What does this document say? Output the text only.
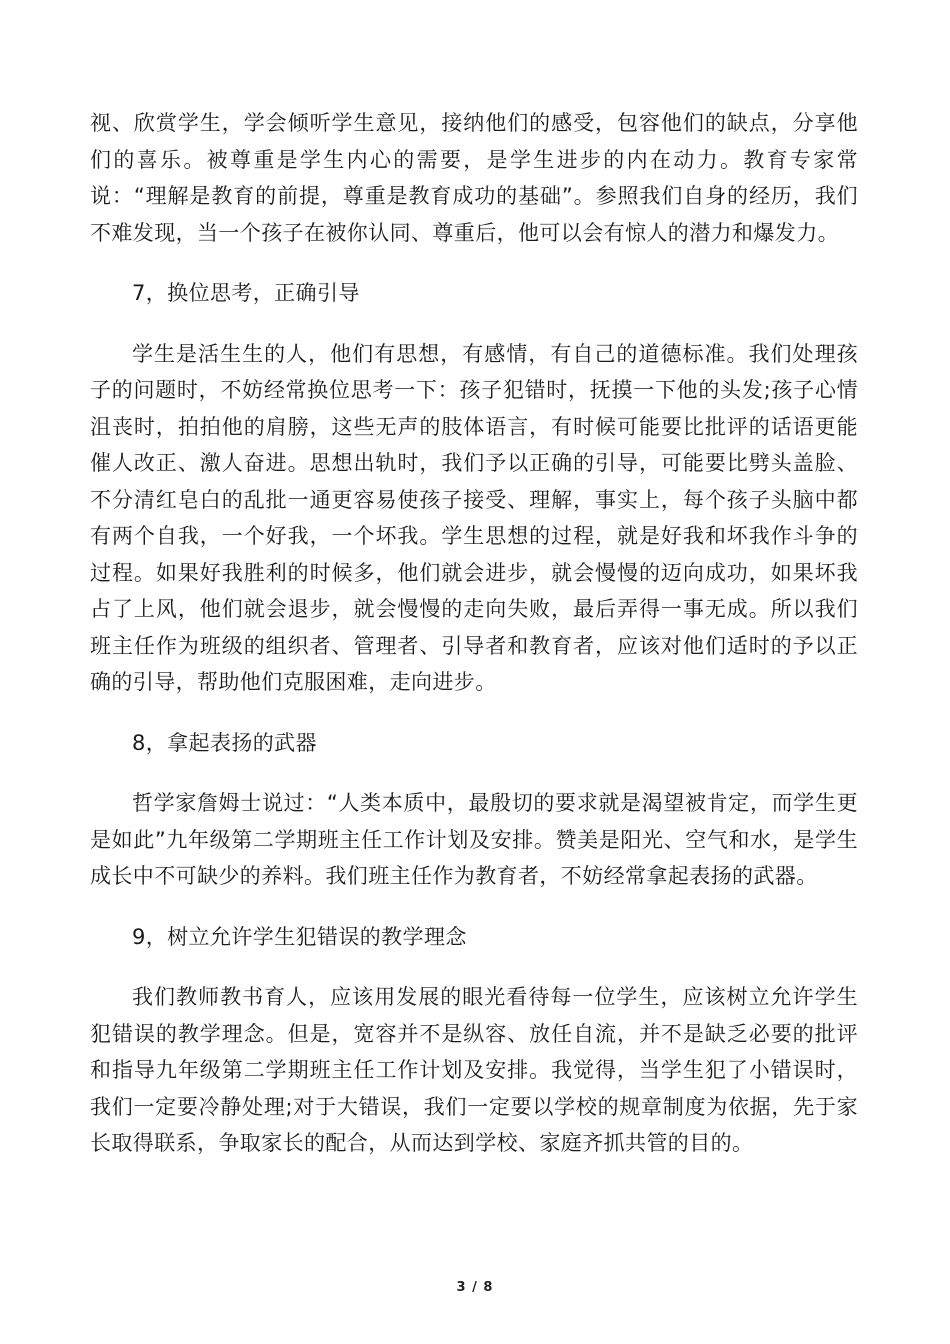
视、欣赏学生，学会倾听学生意见，接纳他们的感受，包容他们的缺点，分享他们的喜乐。被尊重是学生内心的需要，是学生进步的内在动力。教育专家常说：“理解是教育的前提，尊重是教育成功的基础”。参照我们自身的经历，我们不难发现，当一个孩子在被你认同、尊重后，他可以会有惊人的潜力和爆发力。

7，换位思考，正确引导

学生是活生生的人，他们有思想，有感情，有自己的道德标准。我们处理孩子的问题时，不妨经常换位思考一下：孩子犯错时，抚摸一下他的头发;孩子心情沮丧时，拍拍他的肩膀，这些无声的肢体语言，有时候可能要比批评的话语更能催人改正、激人奋进。思想出轨时，我们予以正确的引导，可能要比劈头盖脸、不分清红皂白的乱批一通更容易使孩子接受、理解，事实上，每个孩子头脑中都有两个自我，一个好我，一个坏我。学生思想的过程，就是好我和坏我作斗争的过程。如果好我胜利的时候多，他们就会进步，就会慢慢的迈向成功，如果坏我占了上风，他们就会退步，就会慢慢的走向失败，最后弄得一事无成。所以我们班主任作为班级的组织者、管理者、引导者和教育者，应该对他们适时的予以正确的引导，帮助他们克服困难，走向进步。

8，拿起表扬的武器

哲学家詹姆士说过：“人类本质中，最殷切的要求就是渴望被肯定，而学生更是如此”九年级第二学期班主任工作计划及安排。赞美是阳光、空气和水，是学生成长中不可缺少的养料。我们班主任作为教育者，不妨经常拿起表扬的武器。

9，树立允许学生犯错误的教学理念

我们教师教书育人，应该用发展的眼光看待每一位学生，应该树立允许学生犯错误的教学理念。但是，宽容并不是纵容、放任自流，并不是缺乏必要的批评和指导九年级第二学期班主任工作计划及安排。我觉得，当学生犯了小错误时，我们一定要冷静处理;对于大错误，我们一定要以学校的规章制度为依据，先于家长取得联系，争取家长的配合，从而达到学校、家庭齐抓共管的目的。

3 / 8
